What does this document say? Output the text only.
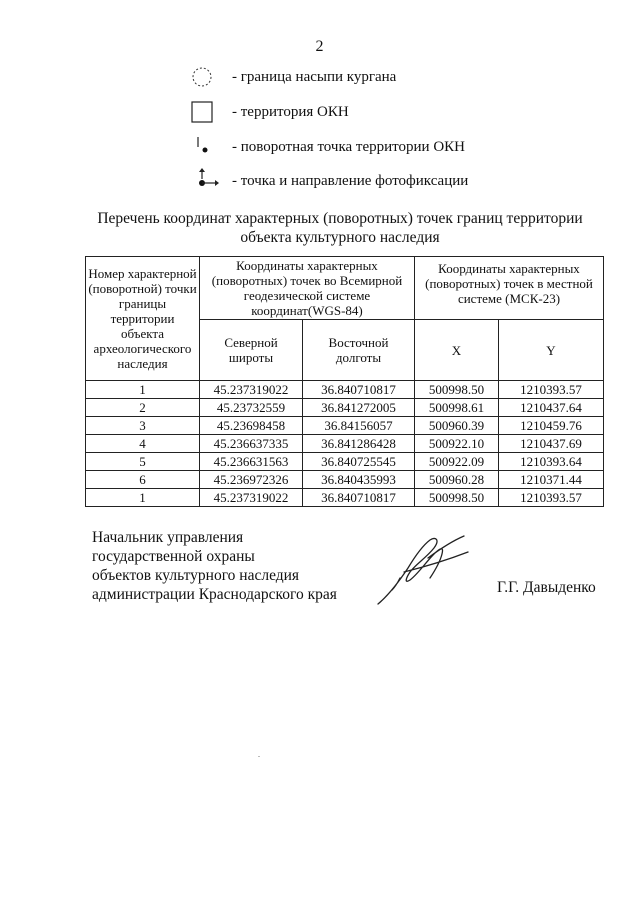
2
- граница насыпи кургана
- территория ОКН
- поворотная точка территории ОКН
- точка и направление фотофиксации
Перечень координат характерных (поворотных) точек границ территории
объекта культурного наследия
Номер характерной (поворотной) точки границы территории объекта археологического наследия	Координаты характерных (поворотных) точек во Всемирной геодезической системе координат(WGS-84)		Координаты характерных (поворотных) точек в местной системе (МСК-23)	
	Северной широты	Восточной долготы	X	Y
1	45.237319022	36.840710817	500998.50	1210393.57
2	45.23732559	36.841272005	500998.61	1210437.64
3	45.23698458	36.84156057	500960.39	1210459.76
4	45.236637335	36.841286428	500922.10	1210437.69
5	45.236631563	36.840725545	500922.09	1210393.64
6	45.236972326	36.840435993	500960.28	1210371.44
1	45.237319022	36.840710817	500998.50	1210393.57
Начальник управления
государственной охраны
объектов культурного наследия
администрации Краснодарского края	Г.Г. Давыденко
